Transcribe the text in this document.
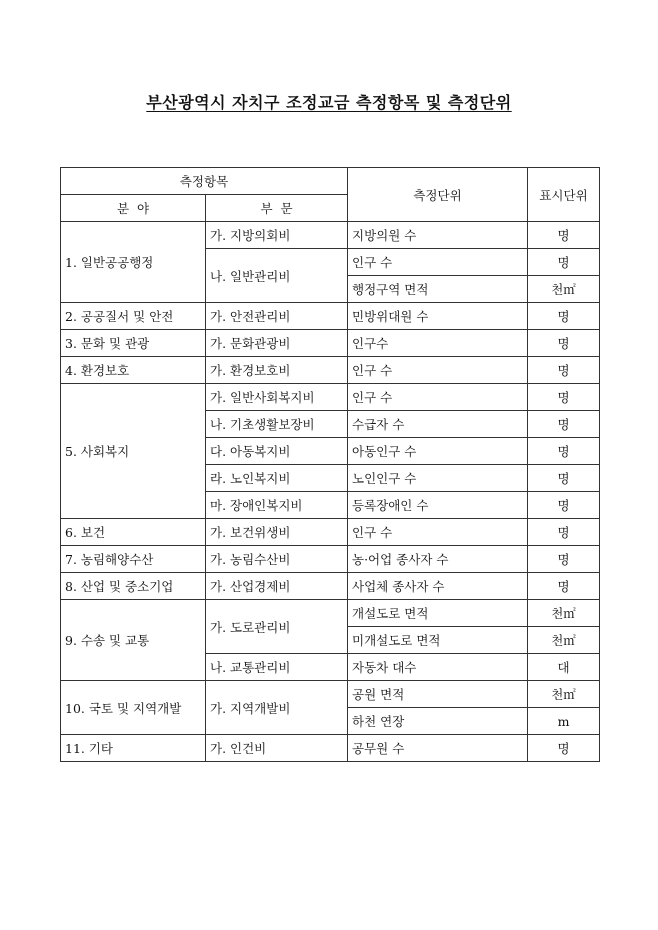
부산광역시 자치구 조정교금 측정항목 및 측정단위
측정항목		측정단위	표시단위
분  야	부  문		
1. 일반공공행정	가. 지방의회비	지방의원 수	명
	나. 일반관리비	인구 수	명
		행정구역 면적	천㎡
2. 공공질서 및 안전	가. 안전관리비	민방위대원 수	명
3. 문화 및 관광	가. 문화관광비	인구수	명
4. 환경보호	가. 환경보호비	인구 수	명
5. 사회복지	가. 일반사회복지비	인구 수	명
	나. 기초생활보장비	수급자 수	명
	다. 아동복지비	아동인구 수	명
	라. 노인복지비	노인인구 수	명
	마. 장애인복지비	등록장애인 수	명
6. 보건	가. 보건위생비	인구 수	명
7. 농림해양수산	가. 농림수산비	농·어업 종사자 수	명
8. 산업 및 중소기업	가. 산업경제비	사업체 종사자 수	명
9. 수송 및 교통	가. 도로관리비	개설도로 면적	천㎡
		미개설도로 면적	천㎡
	나. 교통관리비	자동차 대수	대
10. 국토 및 지역개발	가. 지역개발비	공원 면적	천㎡
		하천 연장	m
11. 기타	가. 인건비	공무원 수	명
